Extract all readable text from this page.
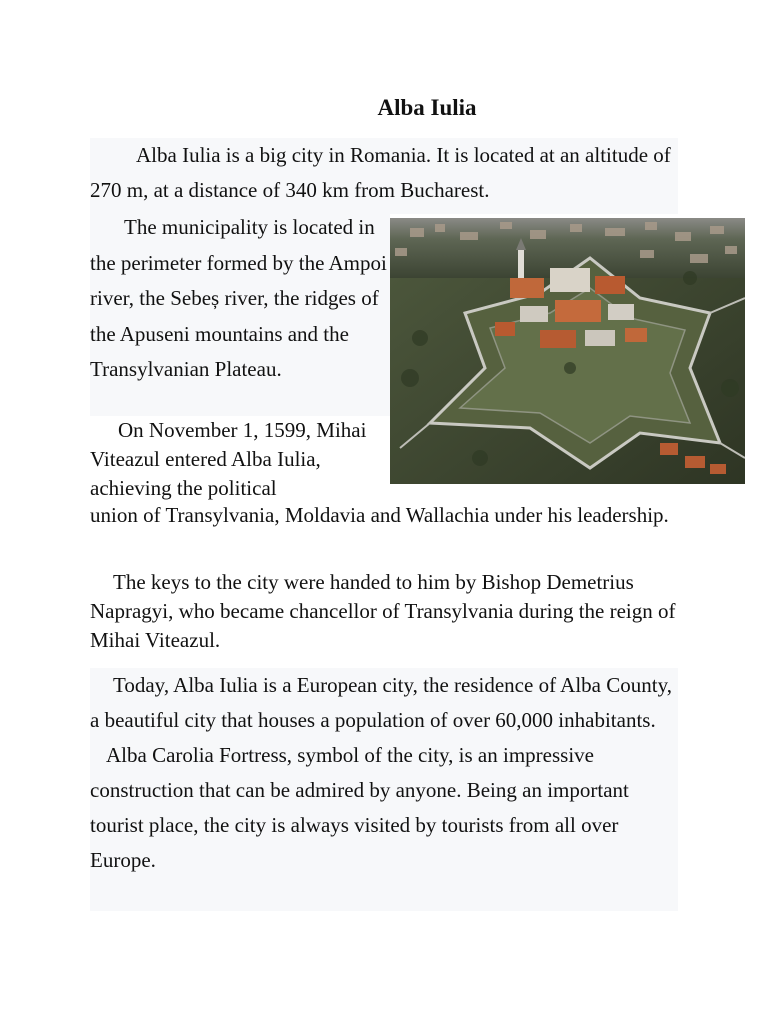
Alba Iulia

Alba Iulia is a big city in Romania. It is located at an altitude of 270 m, at a distance of 340 km from Bucharest.

The municipality is located in the perimeter formed by the Ampoi river, the Sebeș river, the ridges of the Apuseni mountains and the Transylvanian Plateau.

On November 1, 1599, Mihai Viteazul entered Alba Iulia, achieving the political

union of Transylvania, Moldavia and Wallachia under his leadership.

The keys to the city were handed to him by Bishop Demetrius Napragyi, who became chancellor of Transylvania during the reign of Mihai Viteazul.

Today, Alba Iulia is a European city, the residence of Alba County, a beautiful city that houses a population of over 60,000 inhabitants.
Alba Carolia Fortress, symbol of the city, is an impressive construction that can be admired by anyone. Being an important tourist place, the city is always visited by tourists from all over Europe.
